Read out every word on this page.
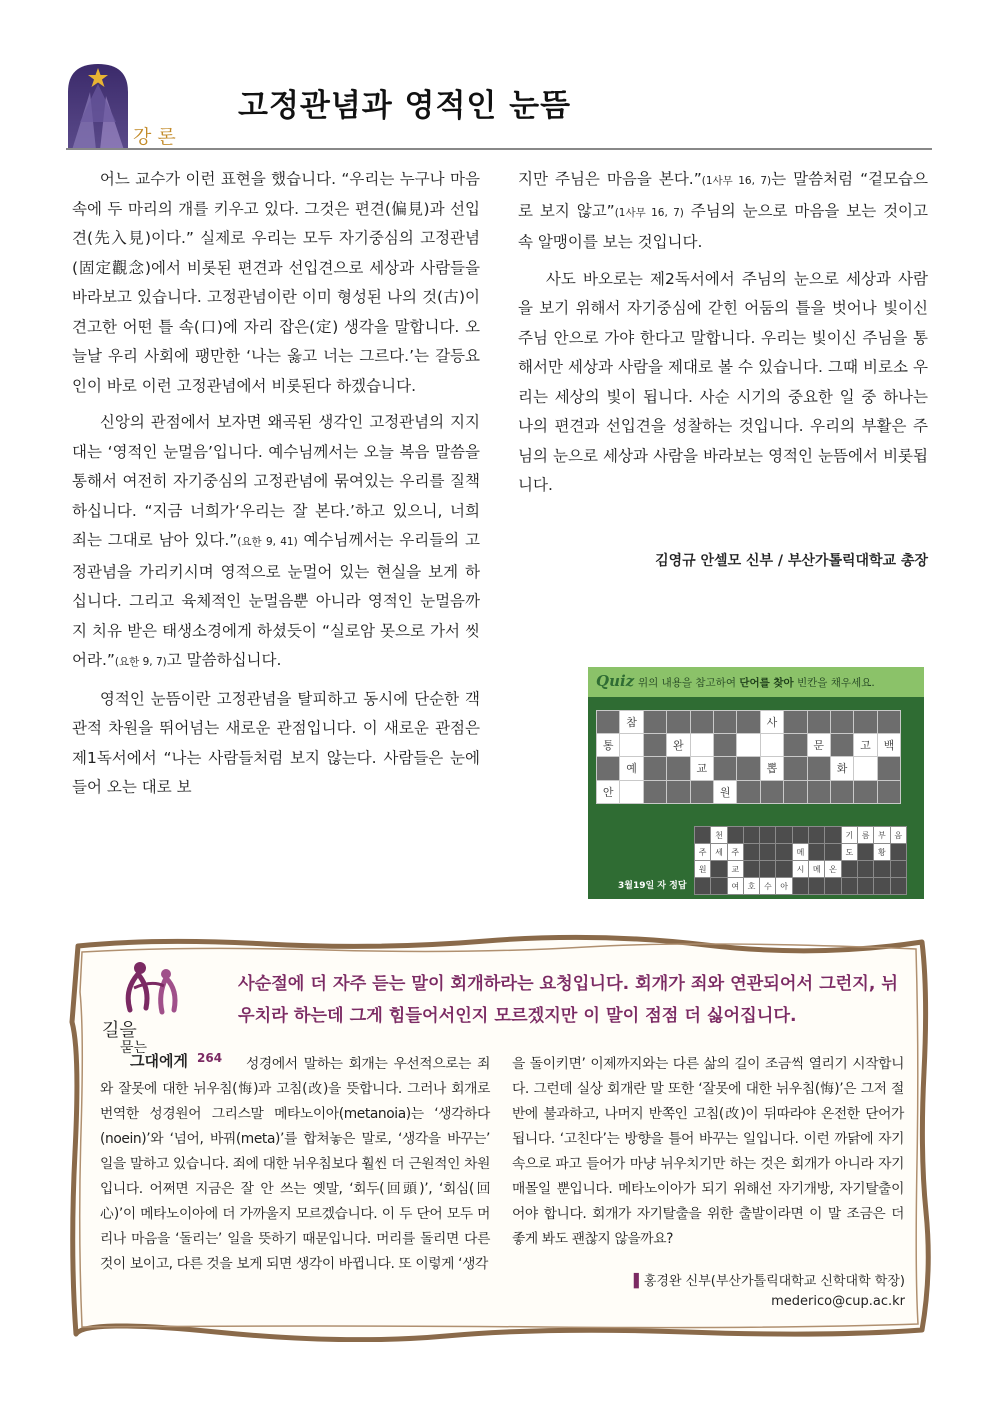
강론
고정관념과 영적인 눈뜸

어느 교수가 이런 표현을 했습니다. “우리는 누구나 마음속에 두 마리의 개를 키우고 있다. 그것은 편견(偏見)과 선입견(先入見)이다.” 실제로 우리는 모두 자기중심의 고정관념(固定觀念)에서 비롯된 편견과 선입견으로 세상과 사람들을 바라보고 있습니다. 고정관념이란 이미 형성된 나의 것(古)이 견고한 어떤 틀 속(口)에 자리 잡은(定) 생각을 말합니다. 오늘날 우리 사회에 팽만한 ‘나는 옳고 너는 그르다.’는 갈등요인이 바로 이런 고정관념에서 비롯된다 하겠습니다.

신앙의 관점에서 보자면 왜곡된 생각인 고정관념의 지지대는 ‘영적인 눈멀음’입니다. 예수님께서는 오늘 복음 말씀을 통해서 여전히 자기중심의 고정관념에 묶여있는 우리를 질책하십니다. “지금 너희가‘우리는 잘 본다.’하고 있으니, 너희 죄는 그대로 남아 있다.”(요한 9, 41) 예수님께서는 우리들의 고정관념을 가리키시며 영적으로 눈멀어 있는 현실을 보게 하십니다. 그리고 육체적인 눈멀음뿐 아니라 영적인 눈멀음까지 치유 받은 태생소경에게 하셨듯이 “실로암 못으로 가서 씻어라.”(요한 9, 7)고 말씀하십니다.

영적인 눈뜸이란 고정관념을 탈피하고 동시에 단순한 객관적 차원을 뛰어넘는 새로운 관점입니다. 이 새로운 관점은 제1독서에서 “나는 사람들처럼 보지 않는다. 사람들은 눈에 들어 오는 대로 보

지만 주님은 마음을 본다.”(1사무 16, 7)는 말씀처럼 “겉모습으로 보지 않고”(1사무 16, 7) 주님의 눈으로 마음을 보는 것이고 속 알맹이를 보는 것입니다.

사도 바오로는 제2독서에서 주님의 눈으로 세상과 사람을 보기 위해서 자기중심에 갇힌 어둠의 틀을 벗어나 빛이신 주님 안으로 가야 한다고 말합니다. 우리는 빛이신 주님을 통해서만 세상과 사람을 제대로 볼 수 있습니다. 그때 비로소 우리는 세상의 빛이 됩니다. 사순 시기의 중요한 일 중 하나는 나의 편견과 선입견을 성찰하는 것입니다. 우리의 부활은 주님의 눈으로 세상과 사람을 바라보는 영적인 눈뜸에서 비롯됩니다.

김영규 안셀모 신부 / 부산가톨릭대학교 총장
Quiz 위의 내용을 참고하여 단어를 찾아 빈칸을 채우세요.
	참						사					
통			완						문		고	백
	예			교			뽑			화		
안					원							
	천								기	름	부	음
주	세	주				메			도		황	
원		교				시	메	온				
		여	호	수	아							
3월19일 자 정답
길을
묻는
그대에게
사순절에 더 자주 듣는 말이 회개하라는 요청입니다. 회개가 죄와 연관되어서 그런지, 뉘우치라 하는데 그게 힘들어서인지 모르겠지만 이 말이 점점 더 싫어집니다.
264	성경에서 말하는 회개는 우선적으로는 죄와 잘못에 대한 뉘우침(悔)과 고침(改)을 뜻합니다. 그러나 회개로 번역한 성경원어 그리스말 메타노이아(metanoia)는 ‘생각하다(noein)’와 ‘넘어, 바꿔(meta)’를 합쳐놓은 말로, ‘생각을 바꾸는’ 일을 말하고 있습니다. 죄에 대한 뉘우침보다 훨씬 더 근원적인 차원입니다. 어쩌면 지금은 잘 안 쓰는 옛말, ‘회두(回頭)’, ‘회심(回心)’이 메타노이아에 더 가까울지 모르겠습니다. 이 두 단어 모두 머리나 마음을 ‘돌리는’ 일을 뜻하기 때문입니다. 머리를 돌리면 다른 것이 보이고, 다른 것을 보게 되면 생각이 바뀝니다. 또 이렇게 ‘생각
을 돌이키면’ 이제까지와는 다른 삶의 길이 조금씩 열리기 시작합니다. 그런데 실상 회개란 말 또한 ‘잘못에 대한 뉘우침(悔)’은 그저 절반에 불과하고, 나머지 반쪽인 고침(改)이 뒤따라야 온전한 단어가 됩니다. ‘고친다’는 방향을 틀어 바꾸는 일입니다. 이런 까닭에 자기 속으로 파고 들어가 마냥 뉘우치기만 하는 것은 회개가 아니라 자기매몰일 뿐입니다. 메타노이아가 되기 위해선 자기개방, 자기탈출이어야 합니다. 회개가 자기탈출을 위한 출발이라면 이 말 조금은 더 좋게 봐도 괜찮지 않을까요?
▌홍경완 신부(부산가톨릭대학교 신학대학 학장)
mederico@cup.ac.kr
